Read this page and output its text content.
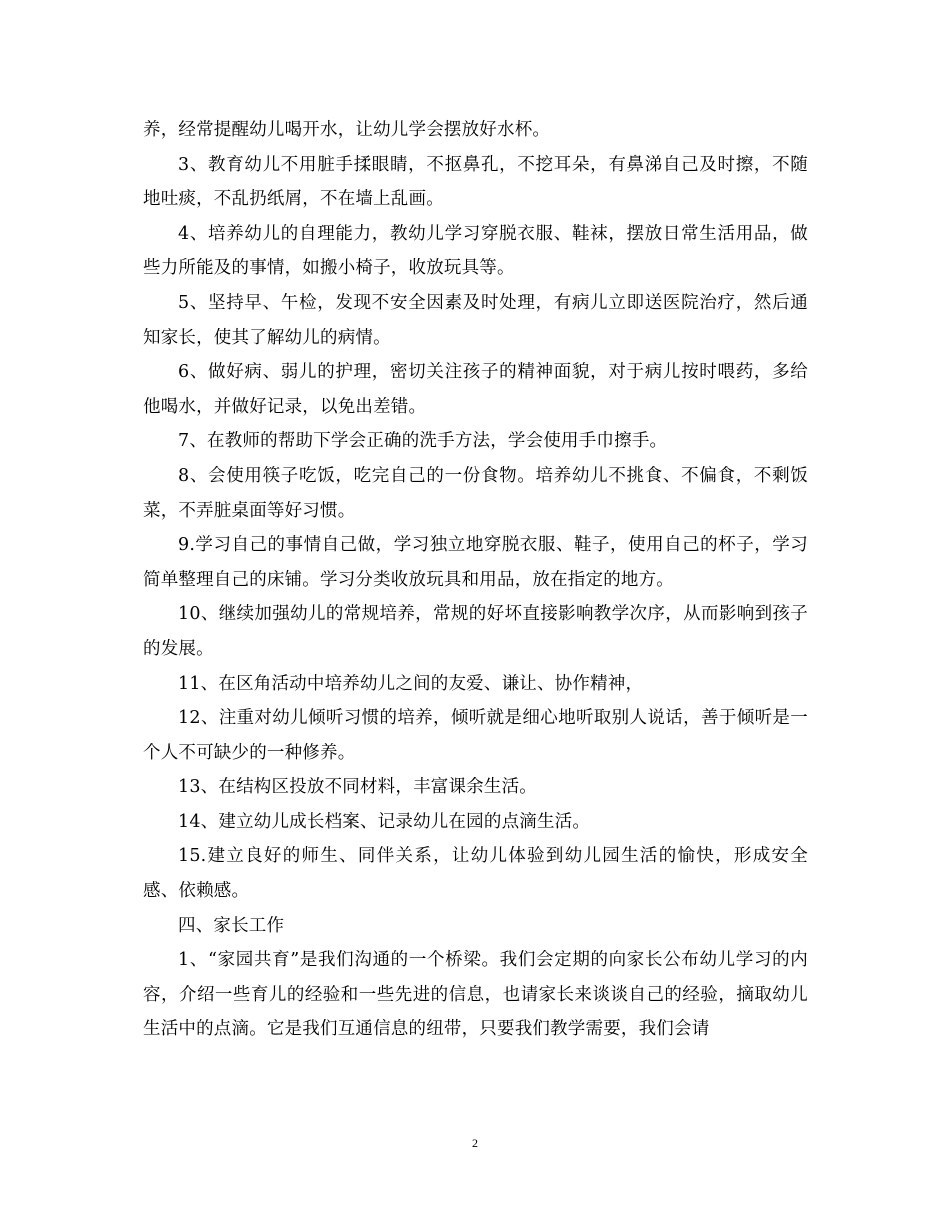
养，经常提醒幼儿喝开水，让幼儿学会摆放好水杯。

3、教育幼儿不用脏手揉眼睛，不抠鼻孔，不挖耳朵，有鼻涕自己及时擦，不随地吐痰，不乱扔纸屑，不在墙上乱画。

4、培养幼儿的自理能力，教幼儿学习穿脱衣服、鞋袜，摆放日常生活用品，做些力所能及的事情，如搬小椅子，收放玩具等。

5、坚持早、午检，发现不安全因素及时处理，有病儿立即送医院治疗，然后通知家长，使其了解幼儿的病情。

6、做好病、弱儿的护理，密切关注孩子的精神面貌，对于病儿按时喂药，多给他喝水，并做好记录，以免出差错。

7、在教师的帮助下学会正确的洗手方法，学会使用手巾擦手。

8、会使用筷子吃饭，吃完自己的一份食物。培养幼儿不挑食、不偏食，不剩饭菜，不弄脏桌面等好习惯。

9.学习自己的事情自己做，学习独立地穿脱衣服、鞋子，使用自己的杯子，学习简单整理自己的床铺。学习分类收放玩具和用品，放在指定的地方。

10、继续加强幼儿的常规培养，常规的好坏直接影响教学次序，从而影响到孩子的发展。

11、在区角活动中培养幼儿之间的友爱、谦让、协作精神，

12、注重对幼儿倾听习惯的培养，倾听就是细心地听取别人说话，善于倾听是一个人不可缺少的一种修养。

13、在结构区投放不同材料，丰富课余生活。

14、建立幼儿成长档案、记录幼儿在园的点滴生活。

15.建立良好的师生、同伴关系，让幼儿体验到幼儿园生活的愉快，形成安全感、依赖感。

四、家长工作

1、“家园共育”是我们沟通的一个桥梁。我们会定期的向家长公布幼儿学习的内容，介绍一些育儿的经验和一些先进的信息，也请家长来谈谈自己的经验，摘取幼儿生活中的点滴。它是我们互通信息的纽带，只要我们教学需要，我们会请

2
